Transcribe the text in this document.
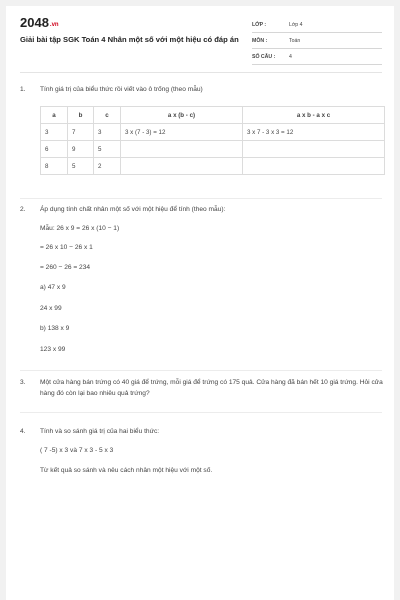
2048.vn
Giải bài tập SGK Toán 4 Nhân một số với một hiệu có đáp án
LỚP :	Lớp 4
MÔN :	Toán
SỐ CÂU :	4
1. Tính giá trị của biểu thức rồi viết vào ô trống (theo mẫu)
a	b	c	a x (b - c)	a x b - a x c
3	7	3	3 x (7 - 3) = 12	3 x 7 - 3 x 3 = 12
6	9	5		
8	5	2		
2. Áp dụng tính chất nhân một số với một hiệu để tính (theo mẫu):
Mẫu: 26 x 9 = 26 x (10 − 1)
= 26 x 10 − 26 x 1
= 260 − 26 = 234
a) 47 x 9
24 x 99
b) 138 x 9
123 x 99
3. Một cửa hàng bán trứng có 40 giá để trứng, mỗi giá để trứng có 175 quả. Cửa hàng đã bán hết 10 giá trứng. Hỏi cửa hàng đó còn lại bao nhiêu quả trứng?
4. Tính và so sánh giá trị của hai biểu thức:
( 7 -5) x 3 và 7 x 3 - 5 x 3
Từ kết quả so sánh và nêu cách nhân một hiệu với một số.
